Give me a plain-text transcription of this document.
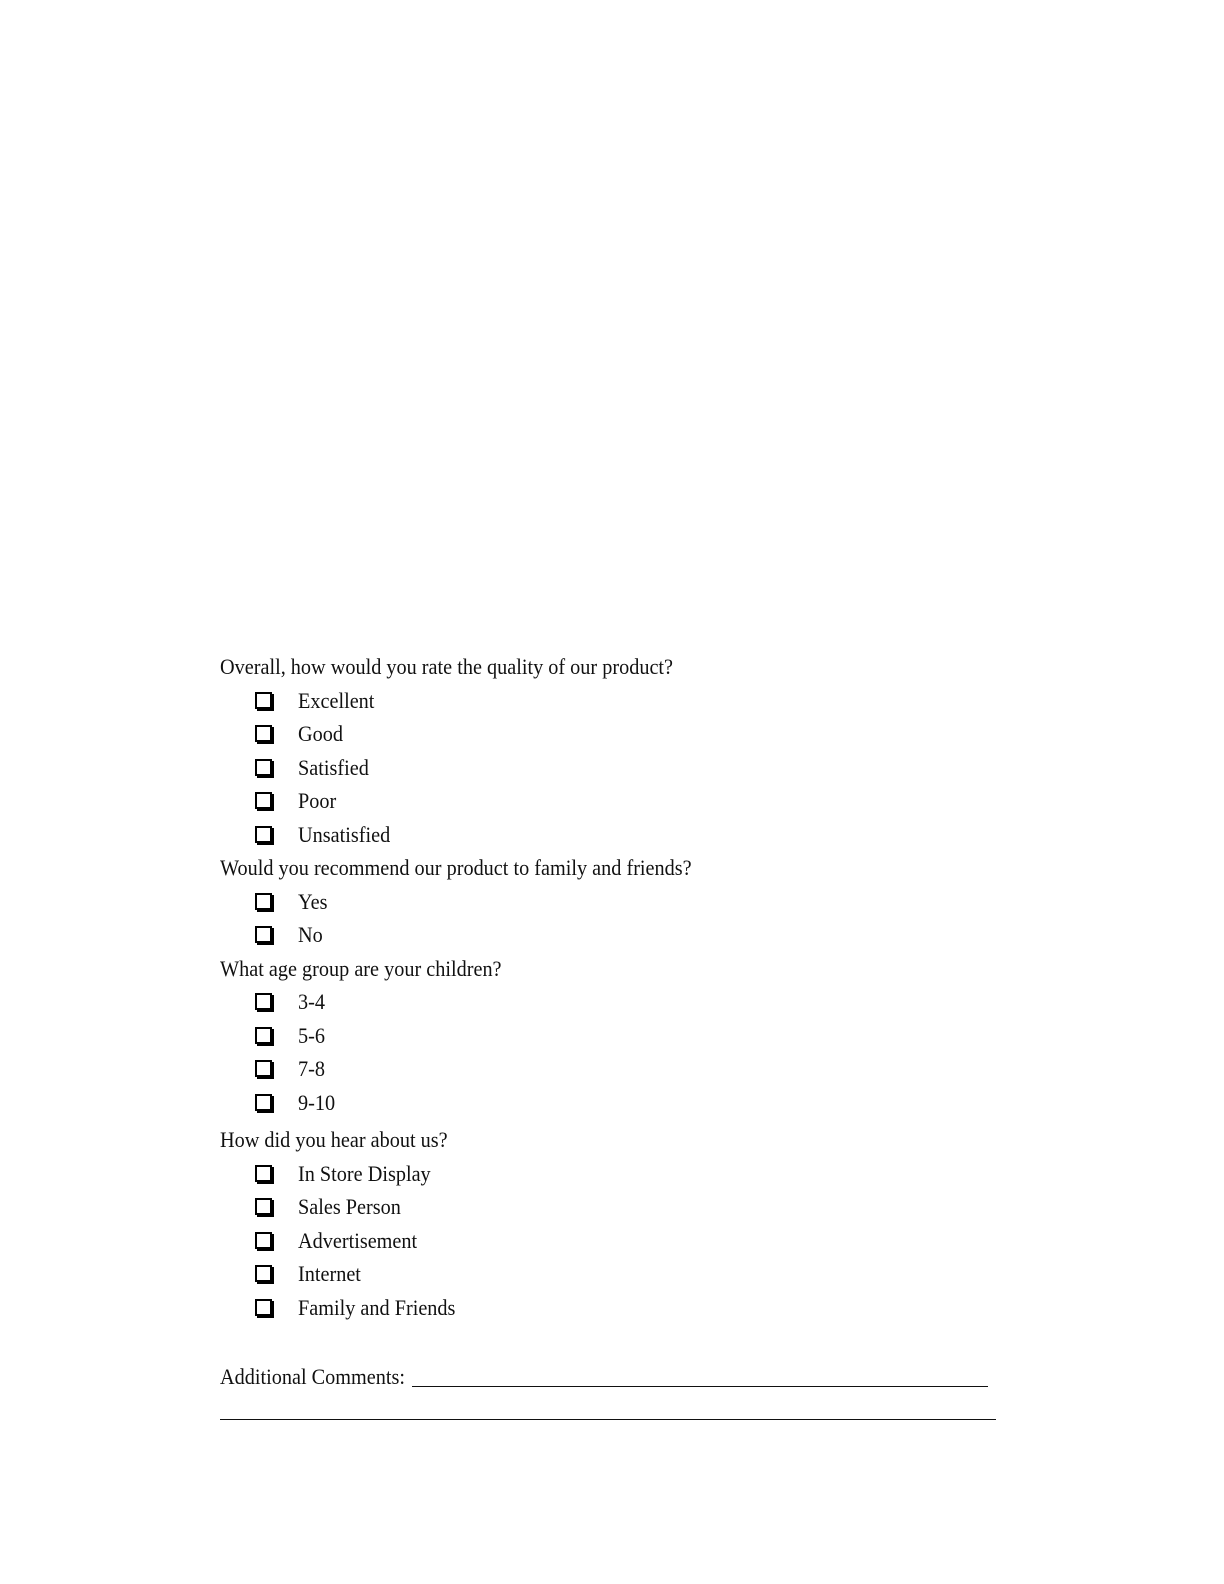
Overall, how would you rate the quality of our product?
Excellent
Good
Satisfied
Poor
Unsatisfied
Would you recommend our product to family and friends?
Yes
No
What age group are your children?
3-4
5-6
7-8
9-10
How did you hear about us?
In Store Display
Sales Person
Advertisement
Internet
Family and Friends
Additional Comments:
